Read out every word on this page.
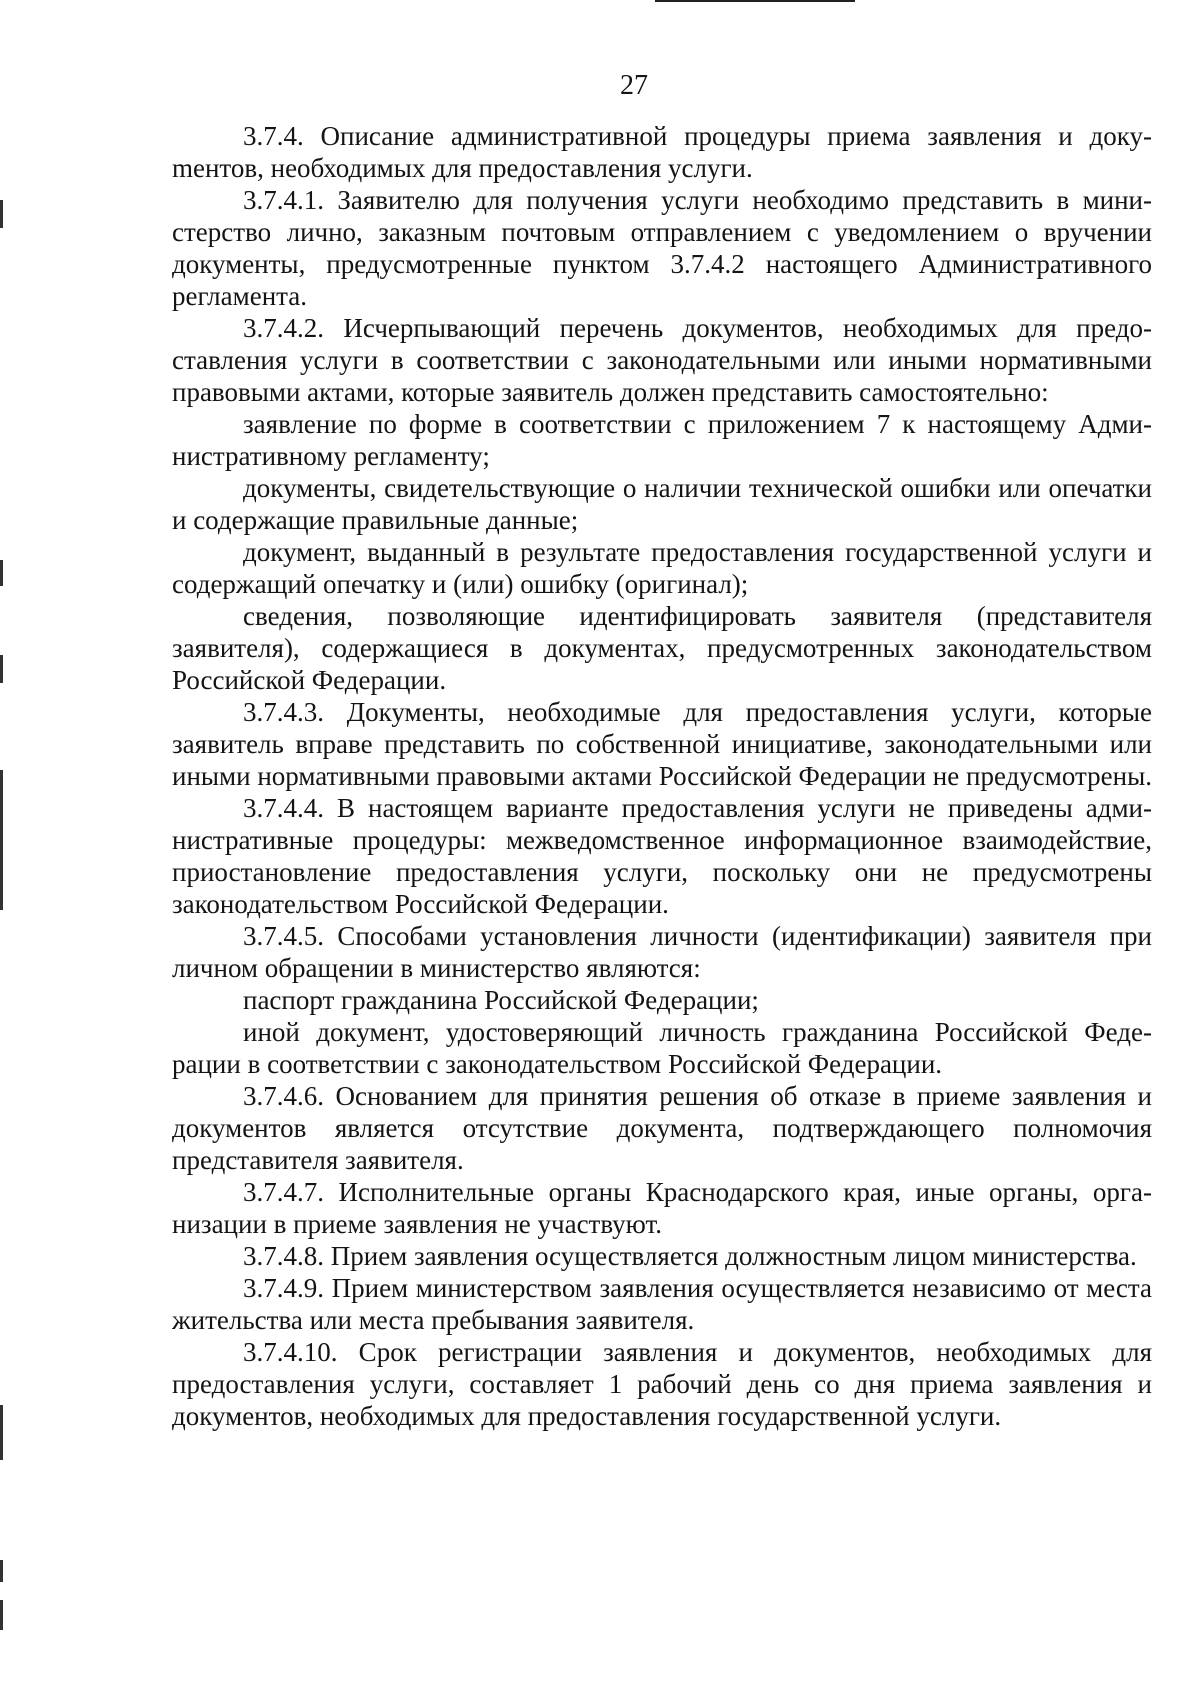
27

3.7.4. Описание административной процедуры приема заявления и докуmентов, необходимых для предоставления услуги.

3.7.4.1. Заявителю для получения услуги необходимо представить в министерство лично, заказным почтовым отправлением с уведомлением о вручении документы, предусмотренные пунктом 3.7.4.2 настоящего Административного регламента.

3.7.4.2. Исчерпывающий перечень документов, необходимых для предоставления услуги в соответствии с законодательными или иными нормативными правовыми актами, которые заявитель должен представить самостоятельно:

заявление по форме в соответствии с приложением 7 к настоящему Административному регламенту;

документы, свидетельствующие о наличии технической ошибки или опечатки и содержащие правильные данные;

документ, выданный в результате предоставления государственной услуги и содержащий опечатку и (или) ошибку (оригинал);

сведения, позволяющие идентифицировать заявителя (представителя заявителя), содержащиеся в документах, предусмотренных законодательством Российской Федерации.

3.7.4.3. Документы, необходимые для предоставления услуги, которые заявитель вправе представить по собственной инициативе, законодательными или иными нормативными правовыми актами Российской Федерации не предусмотрены.

3.7.4.4. В настоящем варианте предоставления услуги не приведены административные процедуры: межведомственное информационное взаимодействие, приостановление предоставления услуги, поскольку они не предусмотрены законодательством Российской Федерации.

3.7.4.5. Способами установления личности (идентификации) заявителя при личном обращении в министерство являются:

паспорт гражданина Российской Федерации;

иной документ, удостоверяющий личность гражданина Российской Федерации в соответствии с законодательством Российской Федерации.

3.7.4.6. Основанием для принятия решения об отказе в приеме заявления и документов является отсутствие документа, подтверждающего полномочия представителя заявителя.

3.7.4.7. Исполнительные органы Краснодарского края, иные органы, организации в приеме заявления не участвуют.

3.7.4.8. Прием заявления осуществляется должностным лицом министерства.

3.7.4.9. Прием министерством заявления осуществляется независимо от места жительства или места пребывания заявителя.

3.7.4.10. Срок регистрации заявления и документов, необходимых для предоставления услуги, составляет 1 рабочий день со дня приема заявления и документов, необходимых для предоставления государственной услуги.
